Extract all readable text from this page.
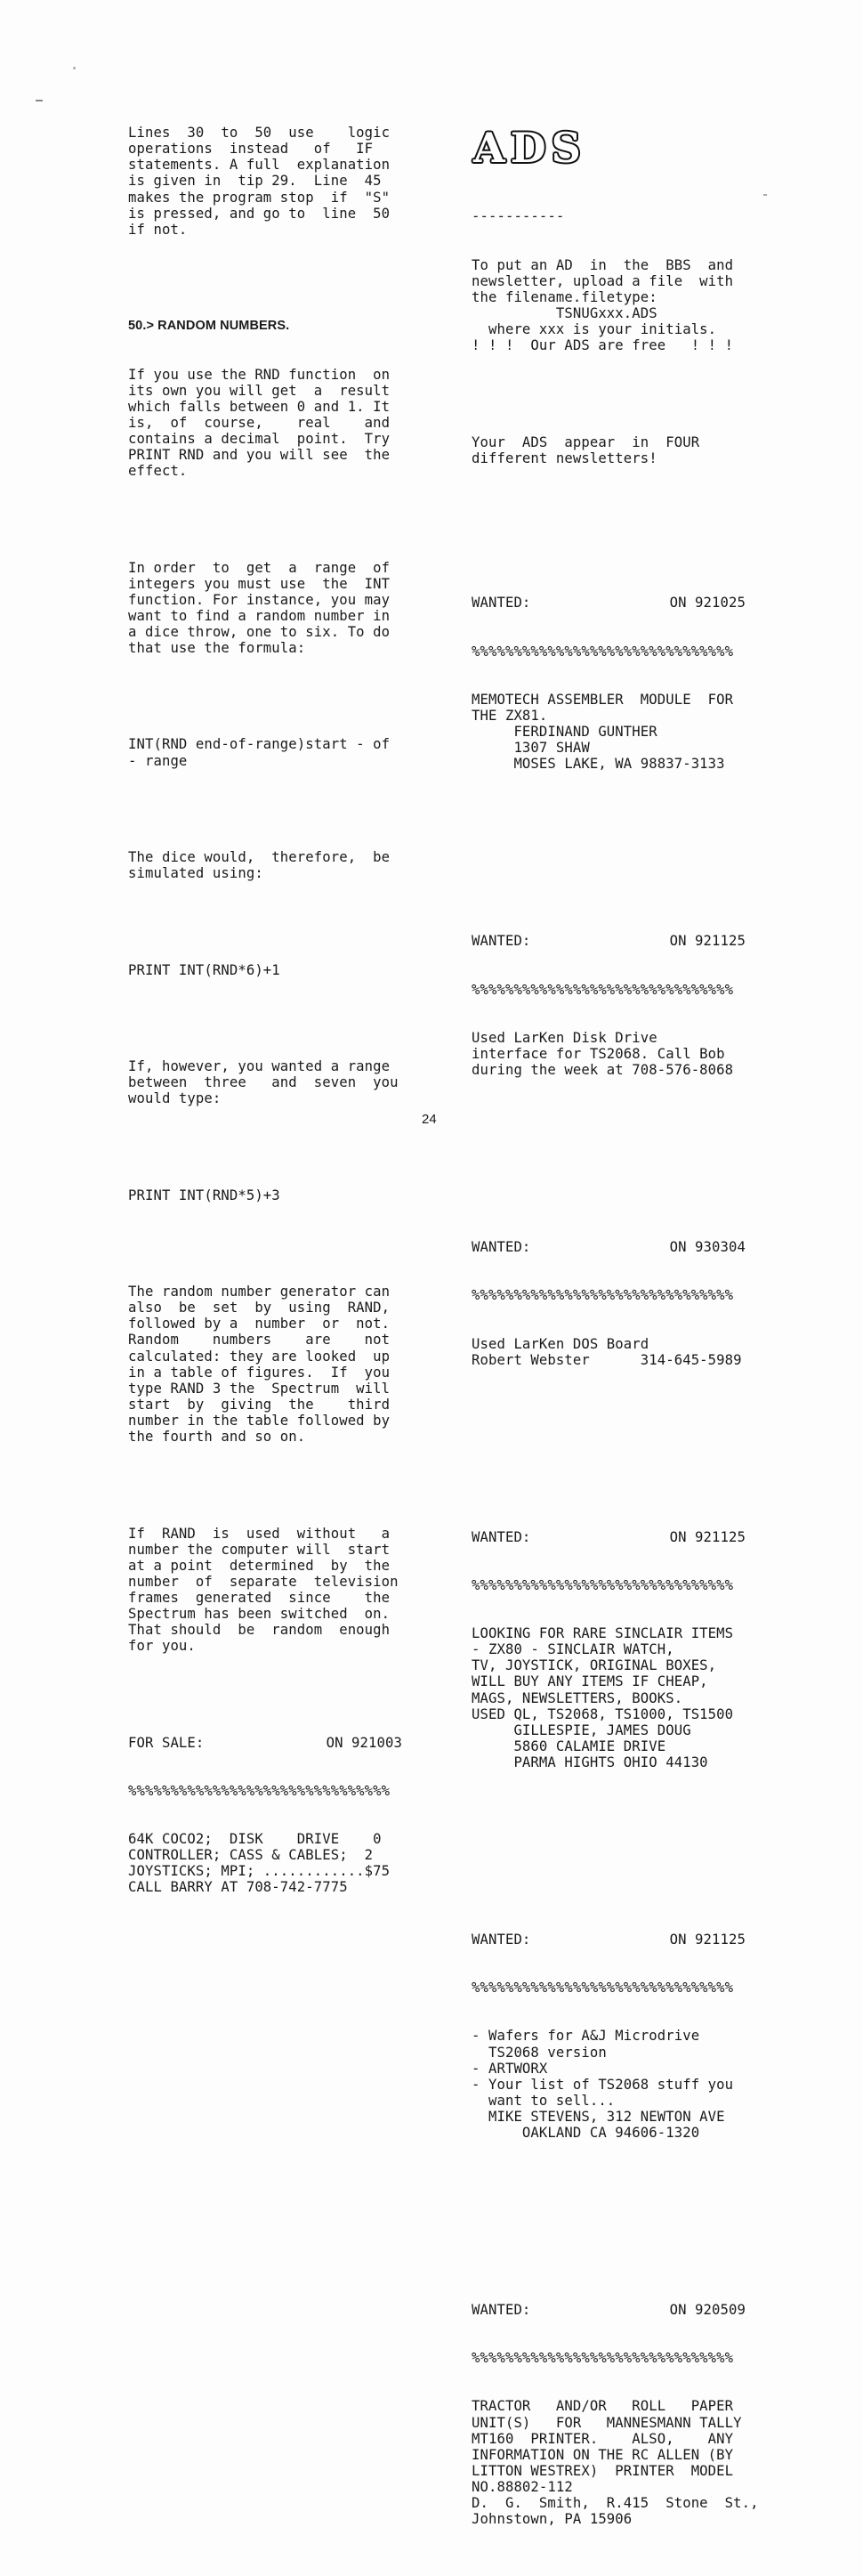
Lines  30  to  50  use    logic
operations  instead   of   IF
statements. A full  explanation
is given in  tip 29.  Line  45
makes the program stop  if  "S"
is pressed, and go to  line  50
if not.

50.> RANDOM NUMBERS.

If you use the RND function  on
its own you will get  a  result
which falls between 0 and 1. It
is,  of  course,    real    and
contains a decimal  point.  Try
PRINT RND and you will see  the
effect.

In order  to  get  a  range  of
integers you must use  the  INT
function. For instance, you may
want to find a random number in
a dice throw, one to six. To do
that use the formula:

INT(RND end-of-range)start - of
- range

The dice would,  therefore,  be
simulated using:

PRINT INT(RND*6)+1

If, however, you wanted a range
between  three   and  seven  you
would type:

PRINT INT(RND*5)+3

The random number generator can
also  be  set  by  using  RAND,
followed by a  number  or  not.
Random    numbers    are    not
calculated: they are looked  up
in a table of figures.  If  you
type RAND 3 the  Spectrum  will
start  by  giving  the    third
number in the table followed by
the fourth and so on.

If  RAND  is  used  without   a
number the computer will  start
at a point  determined  by  the
number  of  separate  television
frames  generated  since    the
Spectrum has been switched  on.
That should  be  random  enough
for you.

FOR SALE:	ON 921003

%%%%%%%%%%%%%%%%%%%%%%%%%%%%%%%

64K COCO2;  DISK    DRIVE    0
CONTROLLER; CASS & CABLES;  2
JOYSTICKS; MPI; ............$75
CALL BARRY AT 708-742-7775

ADS

-----------

To put an AD  in  the  BBS  and
newsletter, upload a file  with
the filename.filetype:
TSNUGxxx.ADS
where xxx is your initials.
! ! !  Our ADS are free   ! ! !

Your  ADS  appear  in  FOUR
different newsletters!

WANTED:	ON 921025

%%%%%%%%%%%%%%%%%%%%%%%%%%%%%%%

MEMOTECH ASSEMBLER  MODULE  FOR
THE ZX81.
FERDINAND GUNTHER
1307 SHAW
MOSES LAKE, WA 98837-3133

WANTED:	ON 921125

%%%%%%%%%%%%%%%%%%%%%%%%%%%%%%%

Used LarKen Disk Drive
interface for TS2068. Call Bob
during the week at 708-576-8068

WANTED:	ON 930304

%%%%%%%%%%%%%%%%%%%%%%%%%%%%%%%

Used LarKen DOS Board
Robert Webster      314-645-5989

WANTED:	ON 921125

%%%%%%%%%%%%%%%%%%%%%%%%%%%%%%%

LOOKING FOR RARE SINCLAIR ITEMS
- ZX80 - SINCLAIR WATCH,
TV, JOYSTICK, ORIGINAL BOXES,
WILL BUY ANY ITEMS IF CHEAP,
MAGS, NEWSLETTERS, BOOKS.
USED QL, TS2068, TS1000, TS1500
GILLESPIE, JAMES DOUG
5860 CALAMIE DRIVE
PARMA HIGHTS OHIO 44130

WANTED:	ON 921125

%%%%%%%%%%%%%%%%%%%%%%%%%%%%%%%

- Wafers for A&J Microdrive
TS2068 version
- ARTWORX
- Your list of TS2068 stuff you
want to sell...
MIKE STEVENS, 312 NEWTON AVE
OAKLAND CA 94606-1320

WANTED:	ON 920509

%%%%%%%%%%%%%%%%%%%%%%%%%%%%%%%

TRACTOR   AND/OR   ROLL   PAPER
UNIT(S)   FOR   MANNESMANN TALLY
MT160  PRINTER.    ALSO,    ANY
INFORMATION ON THE RC ALLEN (BY
LITTON WESTREX)  PRINTER  MODEL
NO.88802-112
D.  G.  Smith,  R.415  Stone  St.,
Johnstown, PA 15906

24
